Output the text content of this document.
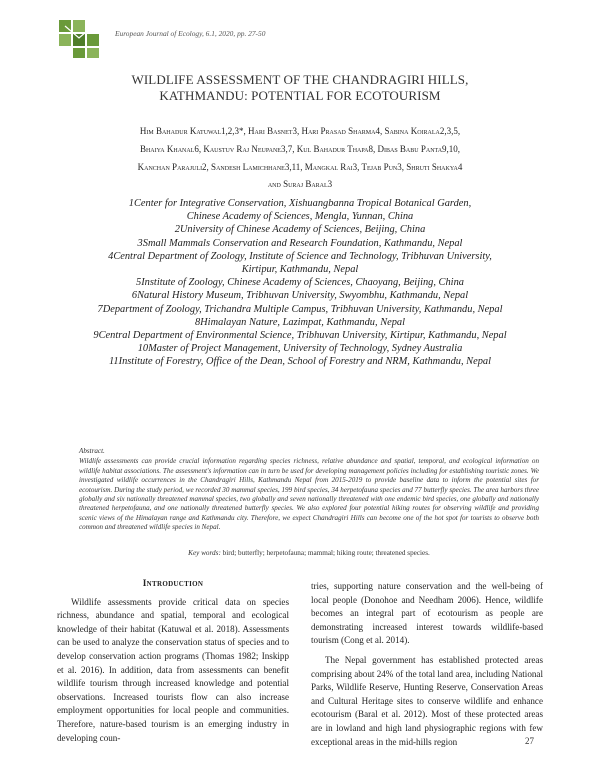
European Journal of Ecology, 6.1, 2020, pp. 27-50
WILDLIFE ASSESSMENT OF THE CHANDRAGIRI HILLS,
KATHMANDU: POTENTIAL FOR ECOTOURISM
Him Bahadur Katuwal1,2,3*, Hari Basnet3, Hari Prasad Sharma4, Sabina Koirala2,3,5,
Bhaiya Khanal6, Kaustuv Raj Neupane3,7, Kul Bahadur Thapa8, Dibas Babu Panta9,10,
Kanchan Parajuli2, Sandesh Lamichhane3,11, Mangkal Rai3, Tejab Pun3, Shruti Shakya4
and Suraj Baral3
1Center for Integrative Conservation, Xishuangbanna Tropical Botanical Garden,
Chinese Academy of Sciences, Mengla, Yunnan, China
2University of Chinese Academy of Sciences, Beijing, China
3Small Mammals Conservation and Research Foundation, Kathmandu, Nepal
4Central Department of Zoology, Institute of Science and Technology, Tribhuvan University,
Kirtipur, Kathmandu, Nepal
5Institute of Zoology, Chinese Academy of Sciences, Chaoyang, Beijing, China
6Natural History Museum, Tribhuvan University, Swyombhu, Kathmandu, Nepal
7Department of Zoology, Trichandra Multiple Campus, Tribhuvan University, Kathmandu, Nepal
8Himalayan Nature, Lazimpat, Kathmandu, Nepal
9Central Department of Environmental Science, Tribhuvan University, Kirtipur, Kathmandu, Nepal
10Master of Project Management, University of Technology, Sydney Australia
11Institute of Forestry, Office of the Dean, School of Forestry and NRM, Kathmandu, Nepal
Abstract.
Wildlife assessments can provide crucial information regarding species richness, relative abundance and spatial, temporal, and ecological information on wildlife habitat associations. The assessment's information can in turn be used for developing management policies including for establishing touristic zones. We investigated wildlife occurrences in the Chandragiri Hills, Kathmandu Nepal from 2015-2019 to provide baseline data to inform the potential sites for ecotourism. During the study period, we recorded 30 mammal species, 199 bird species, 34 herpetofauna species and 77 butterfly species. The area harbors three globally and six nationally threatened mammal species, two globally and seven nationally threatened with one endemic bird species, one globally and nationally threatened herpetofauna, and one nationally threatened butterfly species. We also explored four potential hiking routes for observing wildlife and providing scenic views of the Himalayan range and Kathmandu city. Therefore, we expect Chandragiri Hills can become one of the hot spot for tourists to observe both common and threatened wildlife species in Nepal.
Key words: bird; butterfly; herpetofauna; mammal; hiking route; threatened species.
Introduction

Wildlife assessments provide critical data on species richness, abundance and spatial, temporal and ecological knowledge of their habitat (Katuwal et al. 2018). Assessments can be used to analyze the conservation status of species and to develop conservation action programs (Thomas 1982; Inskipp et al. 2016). In addition, data from assessments can benefit wildlife tourism through increased knowledge and potential observations. Increased tourists flow can also increase employment opportunities for local people and communities. Therefore, nature-based tourism is an emerging industry in developing coun-

tries, supporting nature conservation and the well-being of local people (Donohoe and Needham 2006). Hence, wildlife becomes an integral part of ecotourism as people are demonstrating increased interest towards wildlife-based tourism (Cong et al. 2014).

The Nepal government has established protected areas comprising about 24% of the total land area, including National Parks, Wildlife Reserve, Hunting Reserve, Conservation Areas and Cultural Heritage sites to conserve wildlife and enhance ecotourism (Baral et al. 2012). Most of these protected areas are in lowland and high land physiographic regions with few exceptional areas in the mid-hills region	27
